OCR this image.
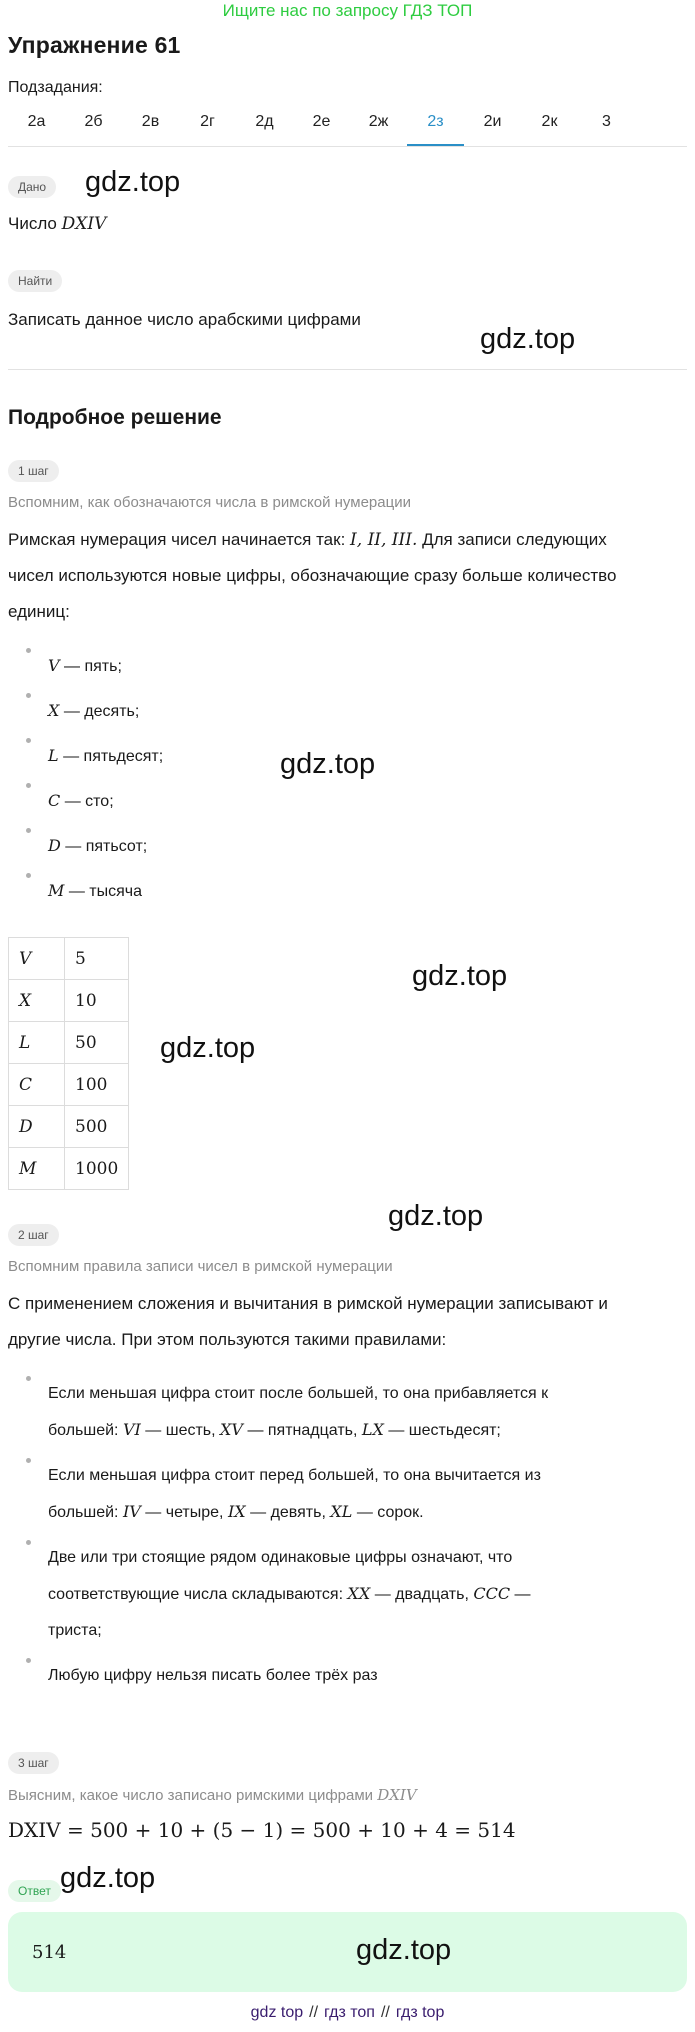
Ищите нас по запросу ГДЗ ТОП
Упражнение 61
Подзадания:
2а	2б	2в	2г	2д	2е	2ж	2з	2и	2к	3
Дано
Число DXIV
Найти
Записать данное число арабскими цифрами
Подробное решение
1 шаг
Вспомним, как обозначаются числа в римской нумерации
Римская нумерация чисел начинается так: I, II, III. Для записи следующих
чисел используются новые цифры, обозначающие сразу больше количество
единиц:
V — пять;
X — десять;
L — пятьдесят;
C — сто;
D — пятьсот;
M — тысяча
V	5
X	10
L	50
C	100
D	500
M	1000
2 шаг
Вспомним правила записи чисел в римской нумерации
С применением сложения и вычитания в римской нумерации записывают и
другие числа. При этом пользуются такими правилами:
Если меньшая цифра стоит после большей, то она прибавляется к
большей: VI — шесть, XV — пятнадцать, LX — шестьдесят;
Если меньшая цифра стоит перед большей, то она вычитается из
большей: IV — четыре, IX — девять, XL — сорок.
Две или три стоящие рядом одинаковые цифры означают, что
соответствующие числа складываются: XX — двадцать, CCC —
триста;
Любую цифру нельзя писать более трёх раз
3 шаг
Выясним, какое число записано римскими цифрами DXIV
DXIV = 500 + 10 + (5 − 1) = 500 + 10 + 4 = 514
Ответ
514
gdz.top
gdz.top
gdz.top
gdz.top
gdz.top
gdz.top
gdz.top
gdz.top
gdz top // гдз топ // гдз top
